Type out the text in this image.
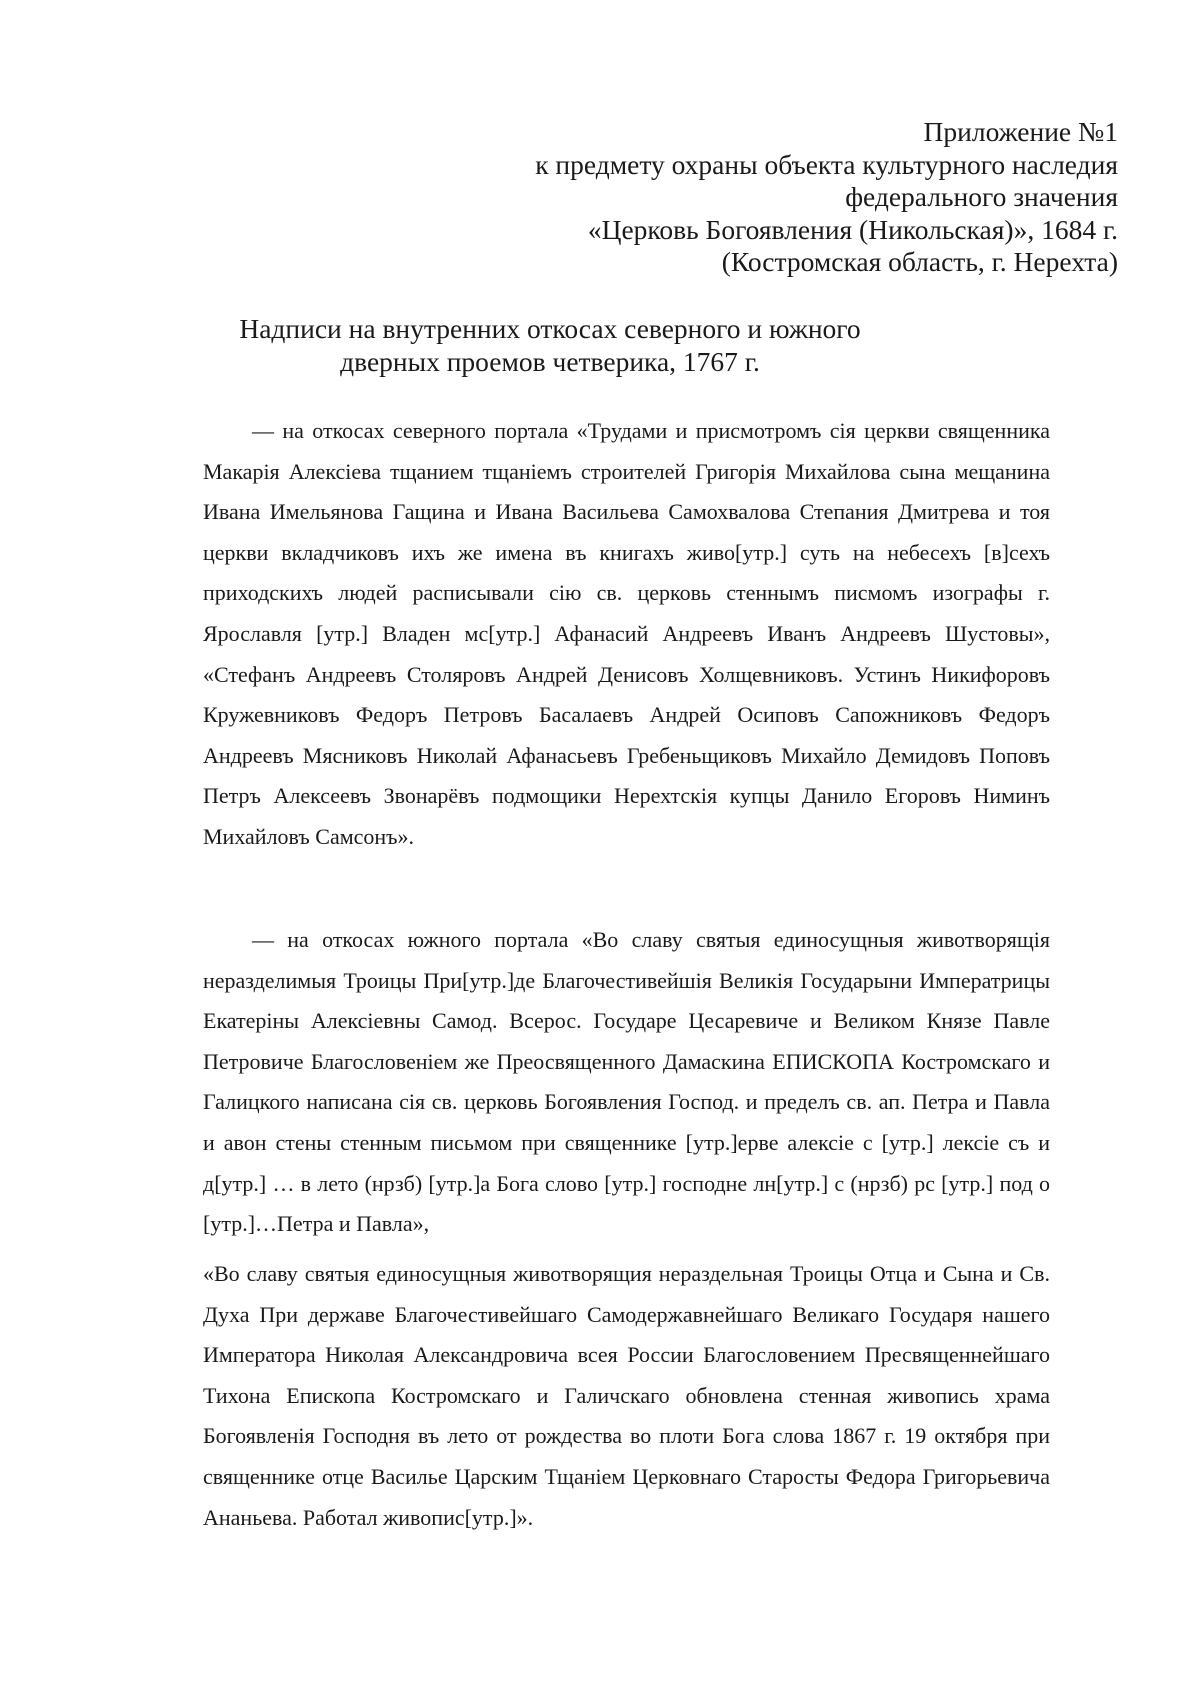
Приложение №1
к предмету охраны объекта культурного наследия
федерального значения
«Церковь Богоявления (Никольская)», 1684 г.
(Костромская область, г. Нерехта)
Надписи на внутренних откосах северного и южного
дверных проемов четверика, 1767 г.

— на откосах северного портала «Трудами и присмотромъ сія церкви священника Макарія Алексіева тщанием тщаніемъ строителей Григорія Михайлова сына мещанина Ивана Имельянова Гащина и Ивана Васильева Самохвалова Степания Дмитрева и тоя церкви вкладчиковъ ихъ же имена въ книгахъ живо[утр.] суть на небесехъ [в]сехъ приходскихъ людей расписывали сію св. церковь стеннымъ писмомъ изографы г. Ярославля [утр.] Владен мс[утр.] Афанасий Андреевъ Иванъ Андреевъ Шустовы», «Стефанъ Андреевъ Столяровъ Андрей Денисовъ Холщевниковъ. Устинъ Никифоровъ Кружевниковъ Федоръ Петровъ Басалаевъ Андрей Осиповъ Сапожниковъ Федоръ Андреевъ Мясниковъ Николай Афанасьевъ Гребеньщиковъ Михайло Демидовъ Поповъ Петръ Алексеевъ Звонарёвъ подмощики Нерехтскія купцы Данило Егоровъ Ниминъ Михайловъ Самсонъ».

— на откосах южного портала «Во славу святыя единосущныя животворящія неразделимыя Троицы При[утр.]де Благочестивейшія Великія Государыни Императрицы Екатеріны Алексіевны Самод. Всерос. Государе Цесаревиче и Великом Князе Павле Петровиче Благословеніем же Преосвященного Дамаскина ЕПИСКОПА Костромскаго и Галицкого написана сія св. церковь Богоявления Господ. и пределъ св. ап. Петра и Павла и авон стены стенным письмом при священнике [утр.]ерве алексіе с [утр.] лексіе съ и д[утр.] … в лето (нрзб) [утр.]а Бога слово [утр.] господне лн[утр.] с (нрзб) рс [утр.] под о [утр.]…Петра и Павла»,

«Во славу святыя единосущныя животворящия нераздельная Троицы Отца и Сына и Св. Духа При державе Благочестивейшаго Самодержавнейшаго Великаго Государя нашего Императора Николая Александровича всея России Благословением Пресвященнейшаго Тихона Епископа Костромскаго и Галичскаго обновлена стенная живопись храма Богоявленія Господня въ лето от рождества во плоти Бога слова 1867 г. 19 октября при священнике отце Василье Царским Тщаніем Церковнаго Старосты Федора Григорьевича Ананьева. Работал живопис[утр.]».
